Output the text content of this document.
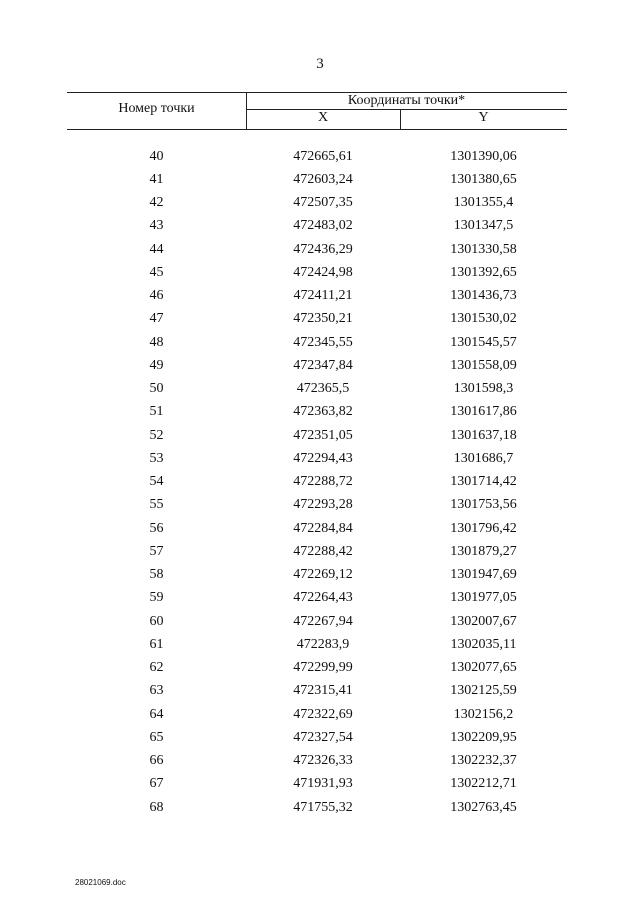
3
Номер точки
Координаты точки*
X	Y
40	472665,61	1301390,06
41	472603,24	1301380,65
42	472507,35	1301355,4
43	472483,02	1301347,5
44	472436,29	1301330,58
45	472424,98	1301392,65
46	472411,21	1301436,73
47	472350,21	1301530,02
48	472345,55	1301545,57
49	472347,84	1301558,09
50	472365,5	1301598,3
51	472363,82	1301617,86
52	472351,05	1301637,18
53	472294,43	1301686,7
54	472288,72	1301714,42
55	472293,28	1301753,56
56	472284,84	1301796,42
57	472288,42	1301879,27
58	472269,12	1301947,69
59	472264,43	1301977,05
60	472267,94	1302007,67
61	472283,9	1302035,11
62	472299,99	1302077,65
63	472315,41	1302125,59
64	472322,69	1302156,2
65	472327,54	1302209,95
66	472326,33	1302232,37
67	471931,93	1302212,71
68	471755,32	1302763,45
28021069.doc
